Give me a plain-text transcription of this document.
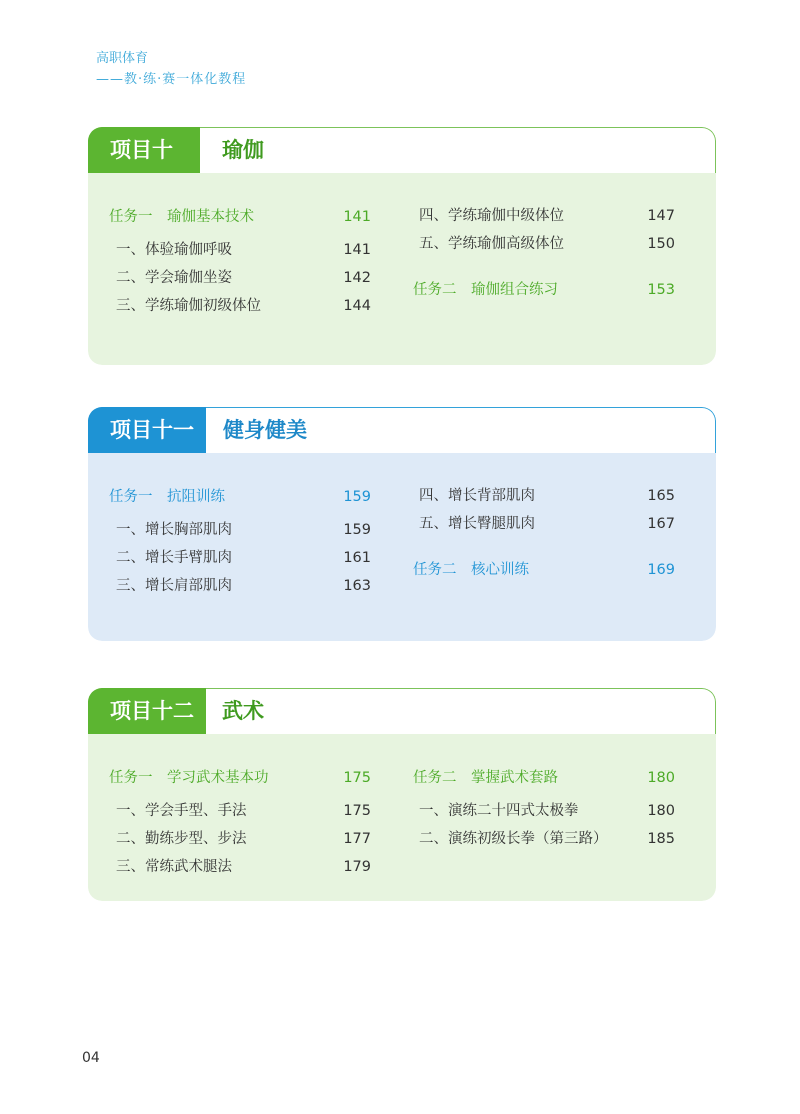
高职体育
——教·练·赛一体化教程
项目十	瑜伽
任务一　瑜伽基本技术	141
一、体验瑜伽呼吸	141
二、学会瑜伽坐姿	142
三、学练瑜伽初级体位	144
四、学练瑜伽中级体位	147
五、学练瑜伽高级体位	150
任务二　瑜伽组合练习	153
项目十一	健身健美
任务一　抗阻训练	159
一、增长胸部肌肉	159
二、增长手臂肌肉	161
三、增长肩部肌肉	163
四、增长背部肌肉	165
五、增长臀腿肌肉	167
任务二　核心训练	169
项目十二	武术
任务一　学习武术基本功	175
一、学会手型、手法	175
二、勤练步型、步法	177
三、常练武术腿法	179
任务二　掌握武术套路	180
一、演练二十四式太极拳	180
二、演练初级长拳（第三路）	185
04
